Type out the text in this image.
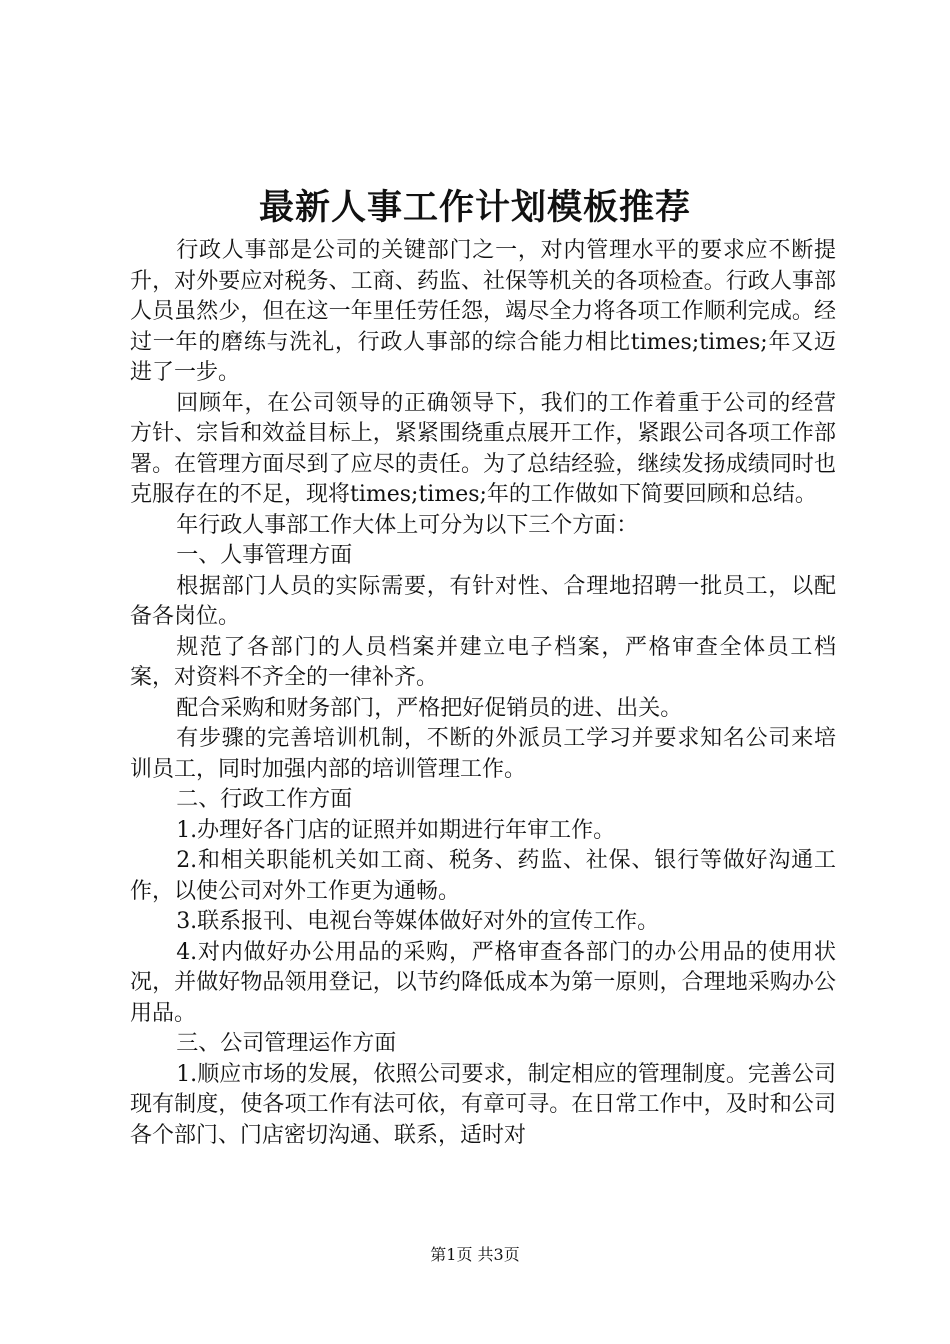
最新人事工作计划模板推荐

行政人事部是公司的关键部门之一，对内管理水平的要求应不断提升，对外要应对税务、工商、药监、社保等机关的各项检查。行政人事部人员虽然少，但在这一年里任劳任怨，竭尽全力将各项工作顺利完成。经过一年的磨练与洗礼，行政人事部的综合能力相比times;times;年又迈进了一步。

回顾年，在公司领导的正确领导下，我们的工作着重于公司的经营方针、宗旨和效益目标上，紧紧围绕重点展开工作，紧跟公司各项工作部署。在管理方面尽到了应尽的责任。为了总结经验，继续发扬成绩同时也克服存在的不足，现将times;times;年的工作做如下简要回顾和总结。

年行政人事部工作大体上可分为以下三个方面：

一、人事管理方面

根据部门人员的实际需要，有针对性、合理地招聘一批员工，以配备各岗位。

规范了各部门的人员档案并建立电子档案，严格审查全体员工档案，对资料不齐全的一律补齐。

配合采购和财务部门，严格把好促销员的进、出关。

有步骤的完善培训机制，不断的外派员工学习并要求知名公司来培训员工，同时加强内部的培训管理工作。

二、行政工作方面

1.办理好各门店的证照并如期进行年审工作。

2.和相关职能机关如工商、税务、药监、社保、银行等做好沟通工作，以使公司对外工作更为通畅。

3.联系报刊、电视台等媒体做好对外的宣传工作。

4.对内做好办公用品的采购，严格审查各部门的办公用品的使用状况，并做好物品领用登记，以节约降低成本为第一原则，合理地采购办公用品。

三、公司管理运作方面

1.顺应市场的发展，依照公司要求，制定相应的管理制度。完善公司现有制度，使各项工作有法可依，有章可寻。在日常工作中，及时和公司各个部门、门店密切沟通、联系，适时对

第1页 共3页
